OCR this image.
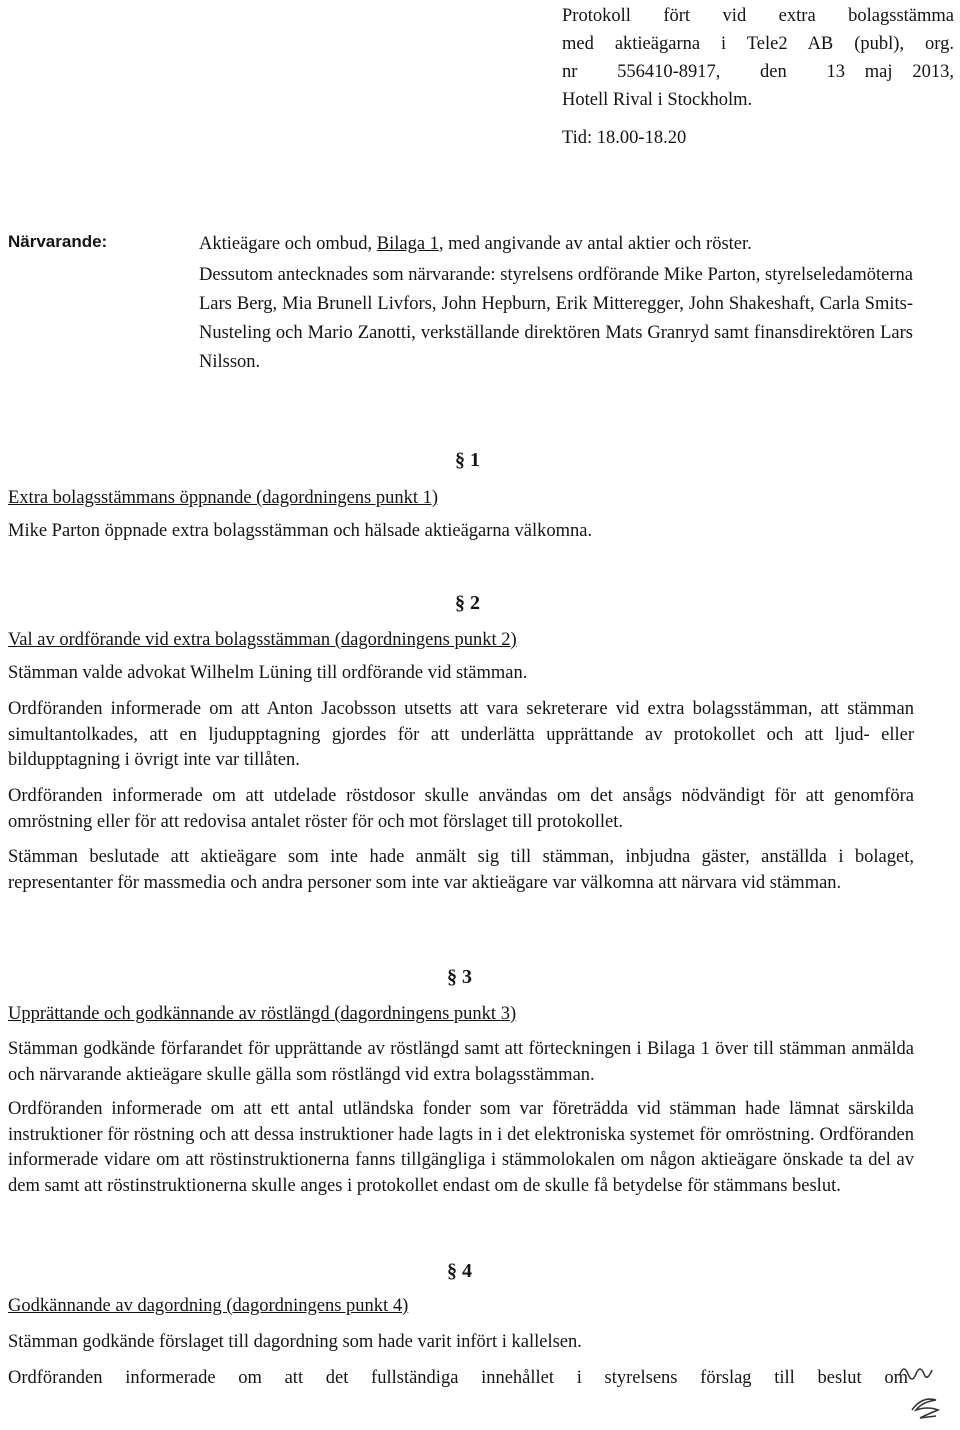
Protokoll fört vid extra bolagsstämma
med aktieägarna i Tele2 AB (publ), org.
nr  556410-8917,  den  13 maj 2013,
Hotell Rival i Stockholm.
Tid: 18.00-18.20
Närvarande:	Aktieägare och ombud, Bilaga 1, med angivande av antal aktier och röster.

Dessutom antecknades som närvarande: styrelsens ordförande Mike Parton, styrelseledamöterna Lars Berg, Mia Brunell Livfors, John Hepburn, Erik Mitteregger, John Shakeshaft, Carla Smits-Nusteling och Mario Zanotti, verkställande direktören Mats Granryd samt finansdirektören Lars Nilsson.

§ 1
Extra bolagsstämmans öppnande (dagordningens punkt 1)

Mike Parton öppnade extra bolagsstämman och hälsade aktieägarna välkomna.

§ 2
Val av ordförande vid extra bolagsstämman (dagordningens punkt 2)

Stämman valde advokat Wilhelm Lüning till ordförande vid stämman.

Ordföranden informerade om att Anton Jacobsson utsetts att vara sekreterare vid extra bolagsstämman, att stämman simultantolkades, att en ljudupptagning gjordes för att underlätta upprättande av protokollet och att ljud- eller bildupptagning i övrigt inte var tillåten.

Ordföranden informerade om att utdelade röstdosor skulle användas om det ansågs nödvändigt för att genomföra omröstning eller för att redovisa antalet röster för och mot förslaget till protokollet.

Stämman beslutade att aktieägare som inte hade anmält sig till stämman, inbjudna gäster, anställda i bolaget, representanter för massmedia och andra personer som inte var aktieägare var välkomna att närvara vid stämman.

§ 3
Upprättande och godkännande av röstlängd (dagordningens punkt 3)

Stämman godkände förfarandet för upprättande av röstlängd samt att förteckningen i Bilaga 1 över till stämman anmälda och närvarande aktieägare skulle gälla som röstlängd vid extra bolagsstämman.

Ordföranden informerade om att ett antal utländska fonder som var företrädda vid stämman hade lämnat särskilda instruktioner för röstning och att dessa instruktioner hade lagts in i det elektroniska systemet för omröstning. Ordföranden informerade vidare om att röstinstruktionerna fanns tillgängliga i stämmolokalen om någon aktieägare önskade ta del av dem samt att röstinstruktionerna skulle anges i protokollet endast om de skulle få betydelse för stämmans beslut.

§ 4
Godkännande av dagordning (dagordningens punkt 4)

Stämman godkände förslaget till dagordning som hade varit infört i kallelsen.

Ordföranden informerade om att det fullständiga innehållet i styrelsens förslag till beslut om
